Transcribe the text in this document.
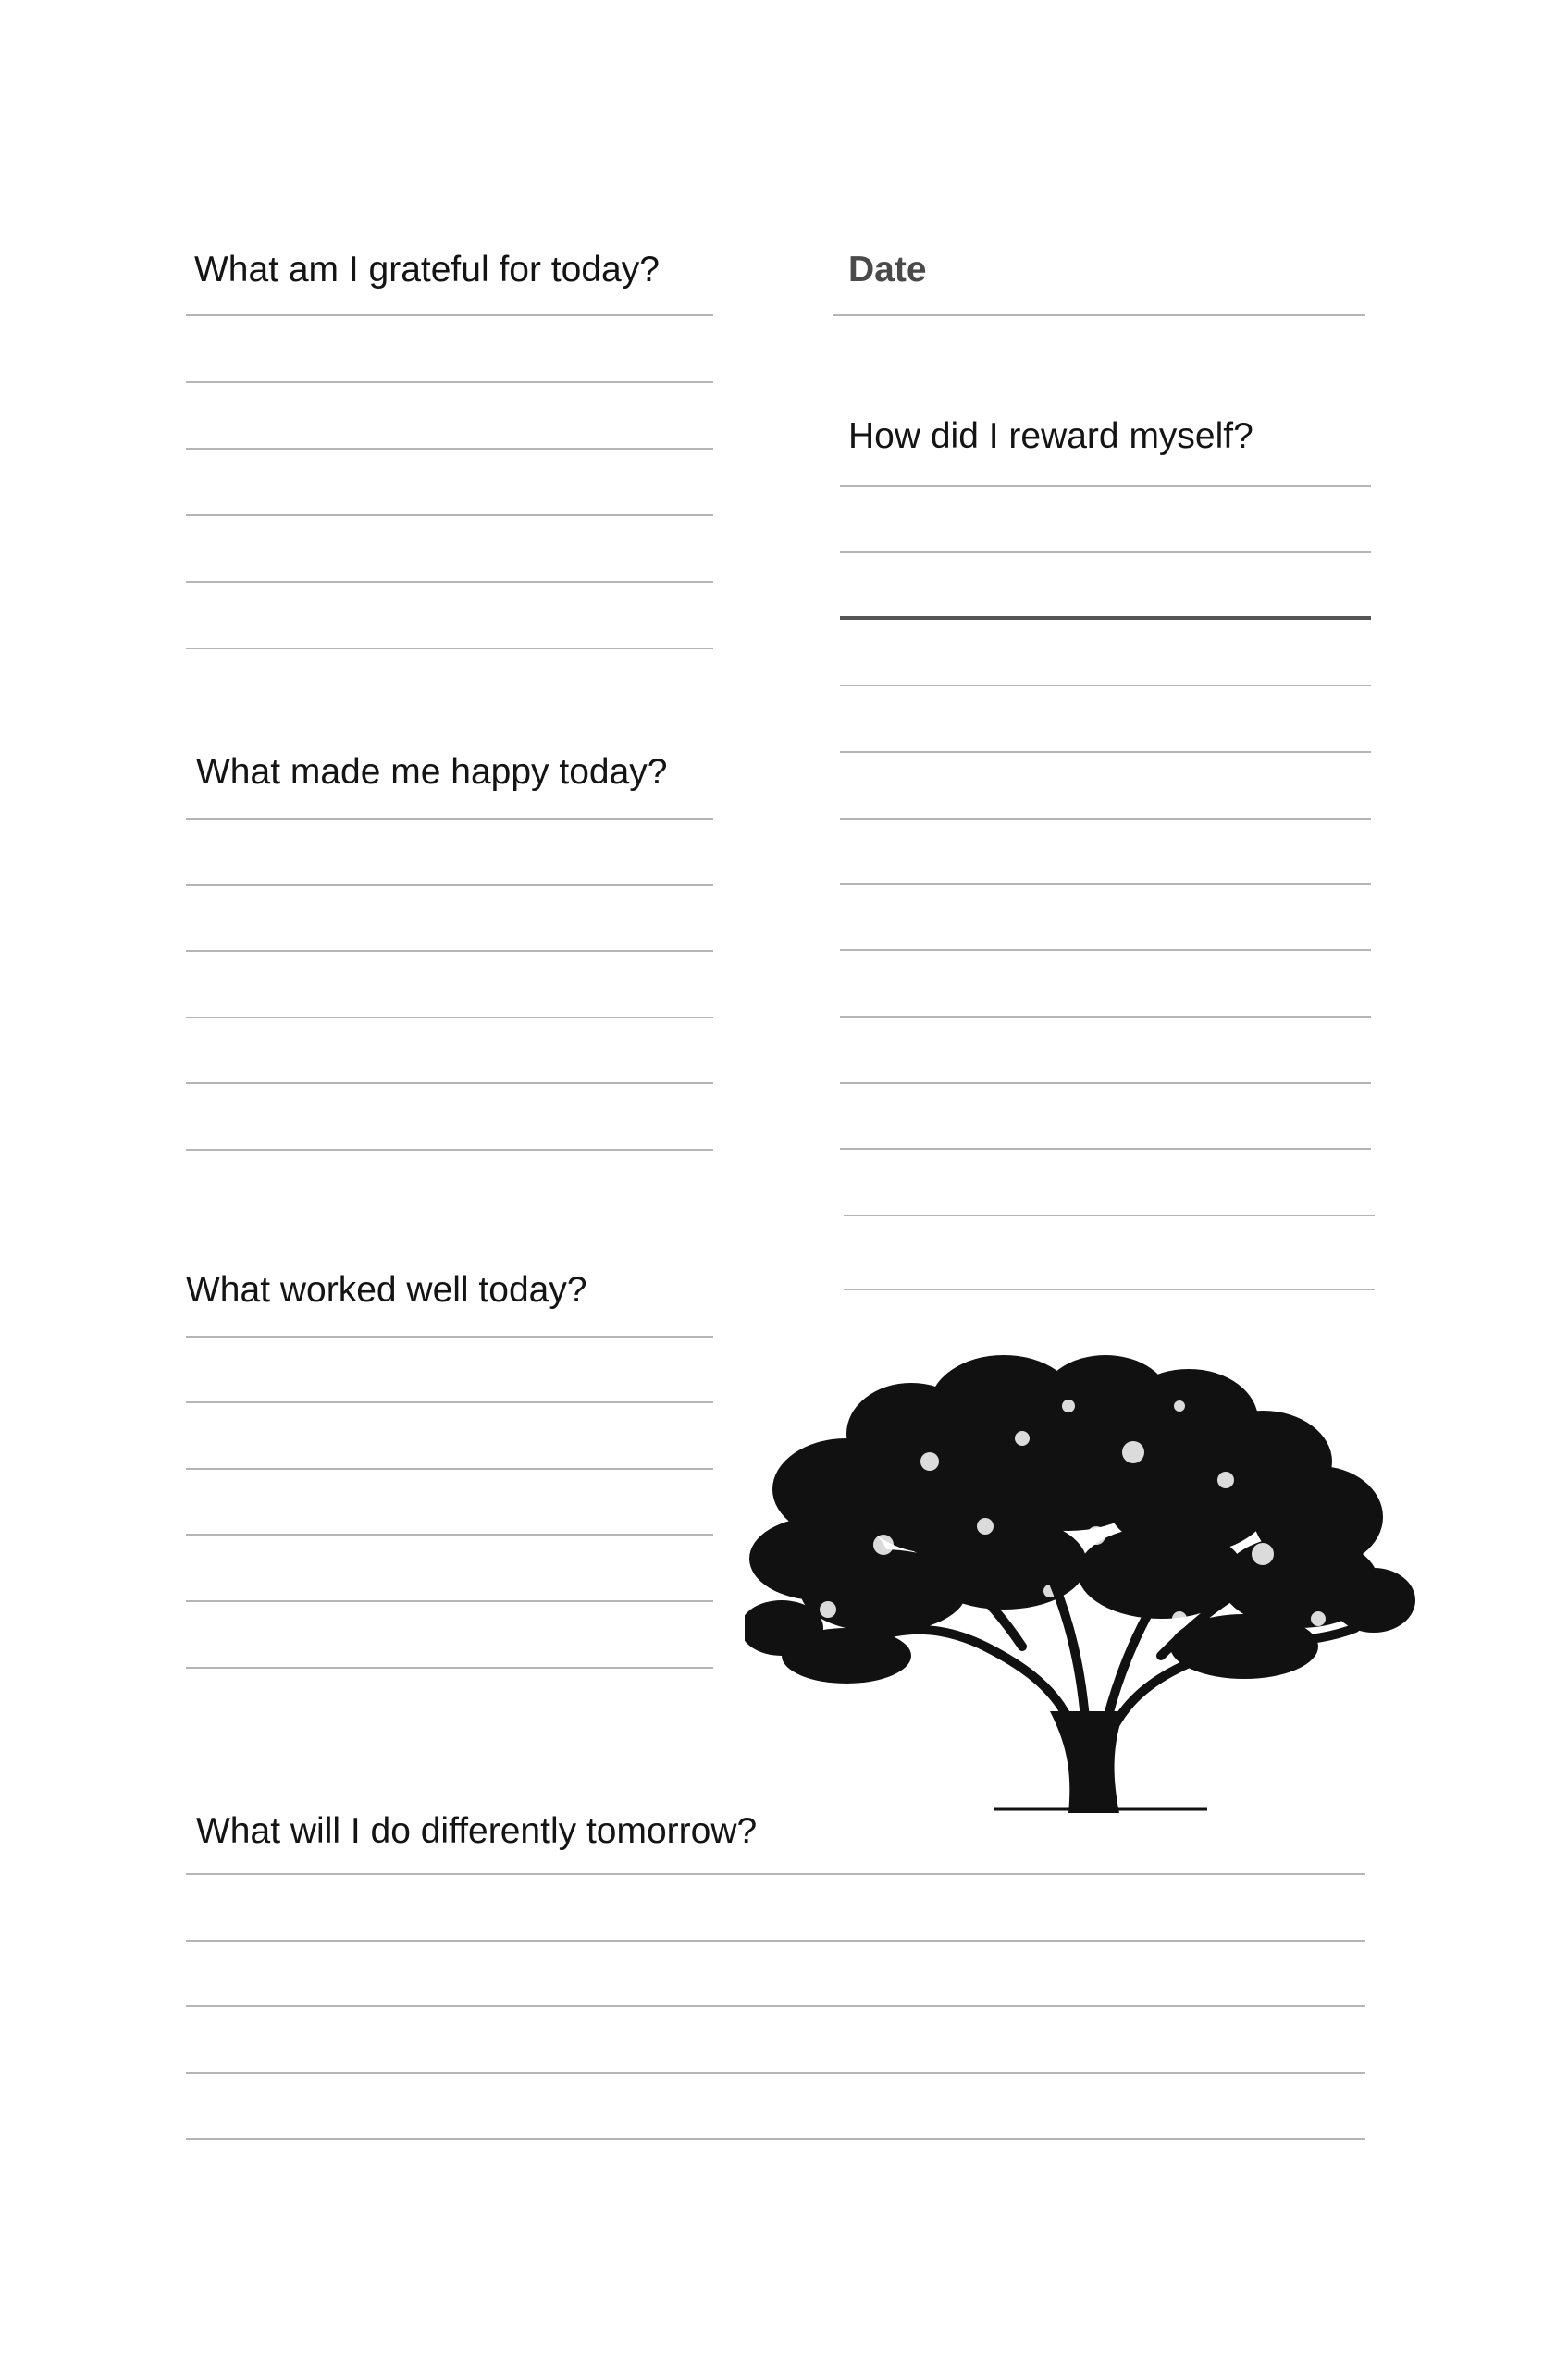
What am I grateful for today?	Date
How did I reward myself?
What made me happy today?
What worked well today?
What will I do differently tomorrow?
